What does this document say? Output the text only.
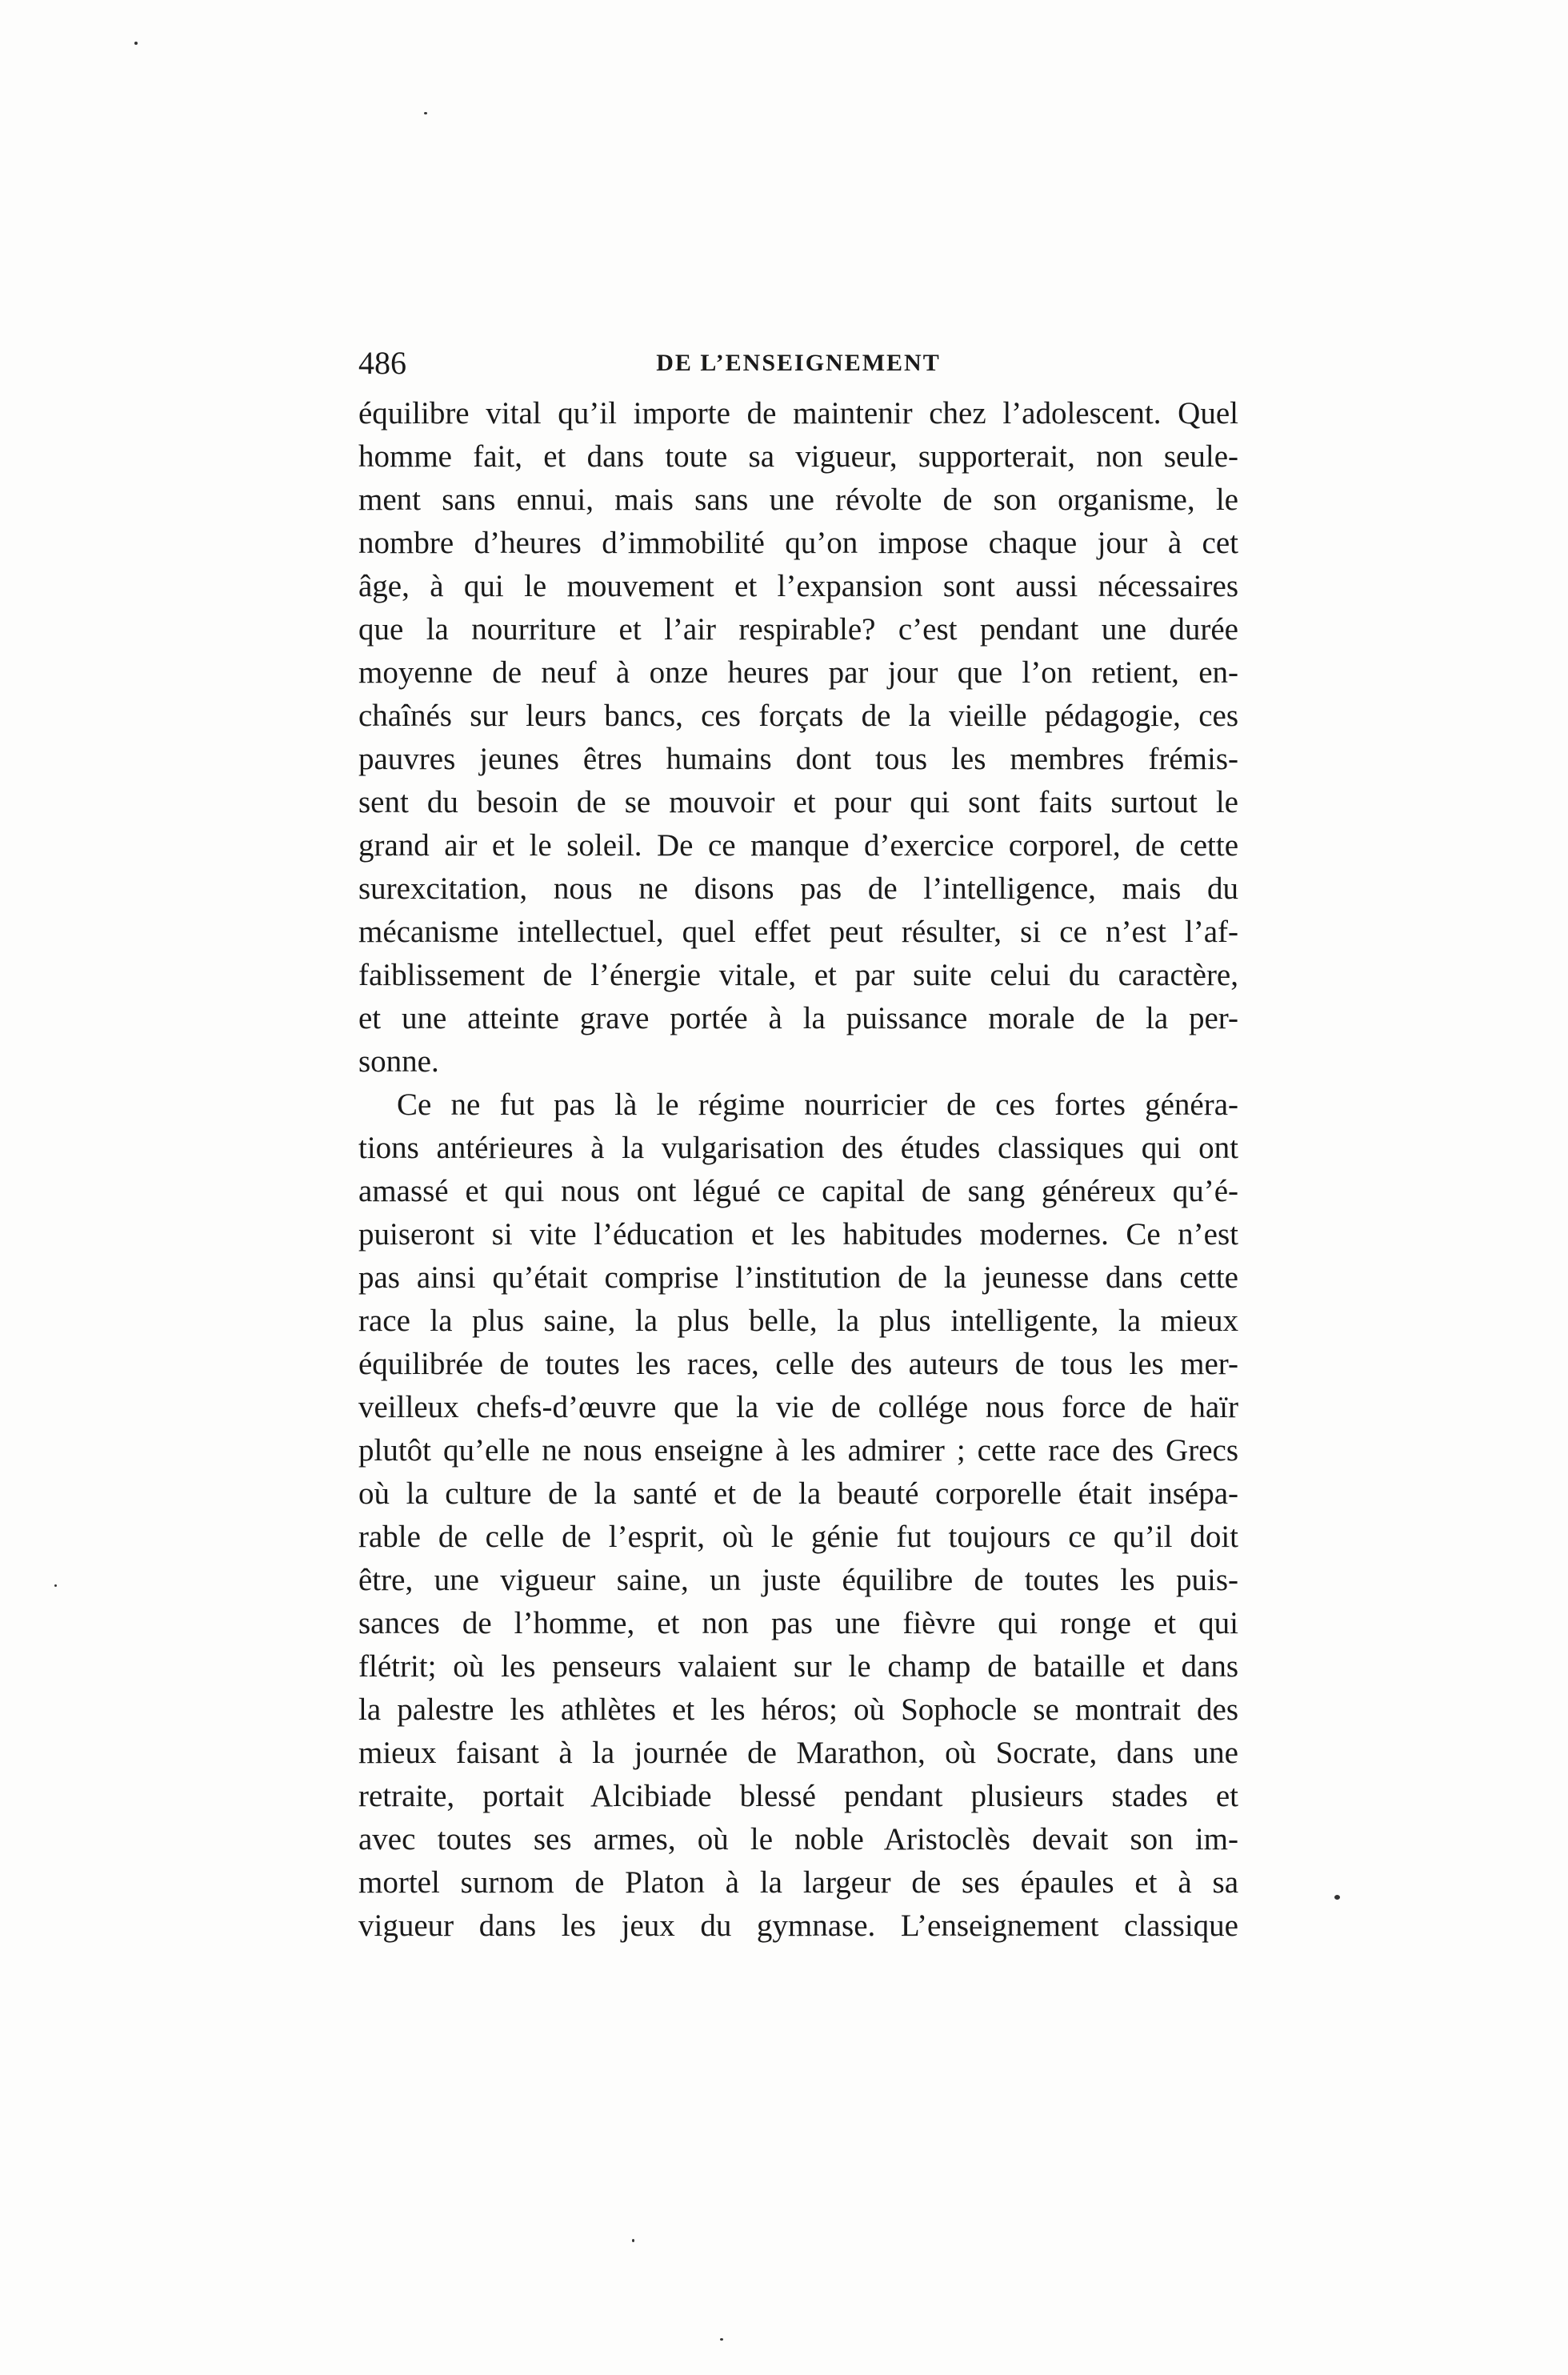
486	DE L’ENSEIGNEMENT
équilibre vital qu’il importe de maintenir chez l’adolescent. Quel
homme fait, et dans toute sa vigueur, supporterait, non seule-
ment sans ennui, mais sans une révolte de son organisme, le
nombre d’heures d’immobilité qu’on impose chaque jour à cet
âge, à qui le mouvement et l’expansion sont aussi nécessaires
que la nourriture et l’air respirable? c’est pendant une durée
moyenne de neuf à onze heures par jour que l’on retient, en-
chaînés sur leurs bancs, ces forçats de la vieille pédagogie, ces
pauvres jeunes êtres humains dont tous les membres frémis-
sent du besoin de se mouvoir et pour qui sont faits surtout le
grand air et le soleil. De ce manque d’exercice corporel, de cette
surexcitation, nous ne disons pas de l’intelligence, mais du
mécanisme intellectuel, quel effet peut résulter, si ce n’est l’af-
faiblissement de l’énergie vitale, et par suite celui du caractère,
et une atteinte grave portée à la puissance morale de la per-
sonne.
Ce ne fut pas là le régime nourricier de ces fortes généra-
tions antérieures à la vulgarisation des études classiques qui ont
amassé et qui nous ont légué ce capital de sang généreux qu’é-
puiseront si vite l’éducation et les habitudes modernes. Ce n’est
pas ainsi qu’était comprise l’institution de la jeunesse dans cette
race la plus saine, la plus belle, la plus intelligente, la mieux
équilibrée de toutes les races, celle des auteurs de tous les mer-
veilleux chefs-d’œuvre que la vie de collége nous force de haïr
plutôt qu’elle ne nous enseigne à les admirer ; cette race des Grecs
où la culture de la santé et de la beauté corporelle était insépa-
rable de celle de l’esprit, où le génie fut toujours ce qu’il doit
être, une vigueur saine, un juste équilibre de toutes les puis-
sances de l’homme, et non pas une fièvre qui ronge et qui
flétrit; où les penseurs valaient sur le champ de bataille et dans
la palestre les athlètes et les héros; où Sophocle se montrait des
mieux faisant à la journée de Marathon, où Socrate, dans une
retraite, portait Alcibiade blessé pendant plusieurs stades et
avec toutes ses armes, où le noble Aristoclès devait son im-
mortel surnom de Platon à la largeur de ses épaules et à sa
vigueur dans les jeux du gymnase. L’enseignement classique
